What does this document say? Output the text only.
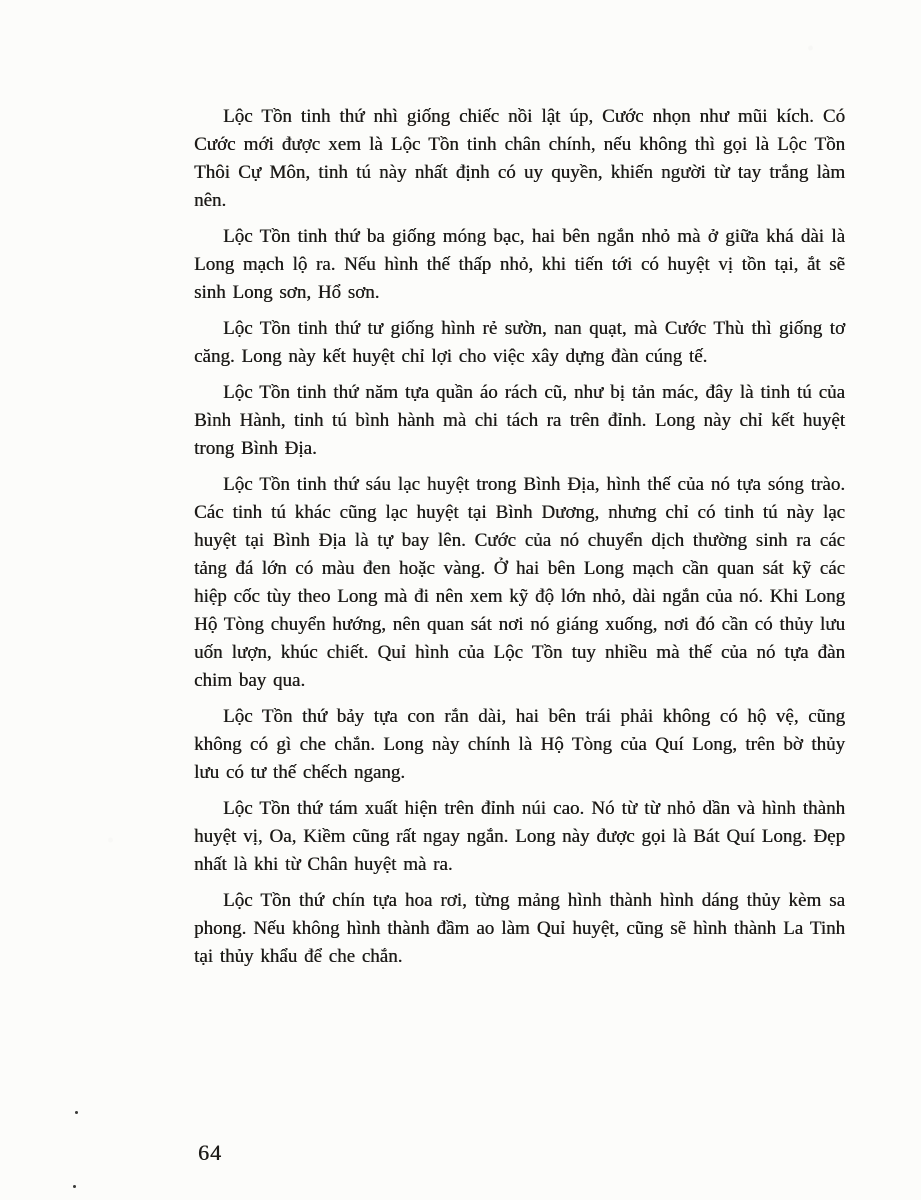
Lộc Tồn tinh thứ nhì giống chiếc nồi lật úp, Cước nhọn như mũi kích. Có Cước mới được xem là Lộc Tồn tinh chân chính, nếu không thì gọi là Lộc Tồn Thôi Cự Môn, tinh tú này nhất định có uy quyền, khiến người từ tay trắng làm nên.

Lộc Tồn tinh thứ ba giống móng bạc, hai bên ngắn nhỏ mà ở giữa khá dài là Long mạch lộ ra. Nếu hình thế thấp nhỏ, khi tiến tới có huyệt vị tồn tại, ắt sẽ sinh Long sơn, Hổ sơn.

Lộc Tồn tinh thứ tư giống hình rẻ sườn, nan quạt, mà Cước Thù thì giống tơ căng. Long này kết huyệt chỉ lợi cho việc xây dựng đàn cúng tế.

Lộc Tồn tinh thứ năm tựa quần áo rách cũ, như bị tản mác, đây là tinh tú của Bình Hành, tinh tú bình hành mà chi tách ra trên đỉnh. Long này chỉ kết huyệt trong Bình Địa.

Lộc Tồn tinh thứ sáu lạc huyệt trong Bình Địa, hình thế của nó tựa sóng trào. Các tinh tú khác cũng lạc huyệt tại Bình Dương, nhưng chỉ có tinh tú này lạc huyệt tại Bình Địa là tự bay lên. Cước của nó chuyển dịch thường sinh ra các tảng đá lớn có màu đen hoặc vàng. Ở hai bên Long mạch cần quan sát kỹ các hiệp cốc tùy theo Long mà đi nên xem kỹ độ lớn nhỏ, dài ngắn của nó. Khi Long Hộ Tòng chuyển hướng, nên quan sát nơi nó giáng xuống, nơi đó cần có thủy lưu uốn lượn, khúc chiết. Quỉ hình của Lộc Tồn tuy nhiều mà thế của nó tựa đàn chim bay qua.

Lộc Tồn thứ bảy tựa con rắn dài, hai bên trái phải không có hộ vệ, cũng không có gì che chắn. Long này chính là Hộ Tòng của Quí Long, trên bờ thủy lưu có tư thế chếch ngang.

Lộc Tồn thứ tám xuất hiện trên đỉnh núi cao. Nó từ từ nhỏ dần và hình thành huyệt vị, Oa, Kiềm cũng rất ngay ngắn. Long này được gọi là Bát Quí Long. Đẹp nhất là khi từ Chân huyệt mà ra.

Lộc Tồn thứ chín tựa hoa rơi, từng mảng hình thành hình dáng thủy kèm sa phong. Nếu không hình thành đầm ao làm Quỉ huyệt, cũng sẽ hình thành La Tinh tại thủy khẩu để che chắn.

64
